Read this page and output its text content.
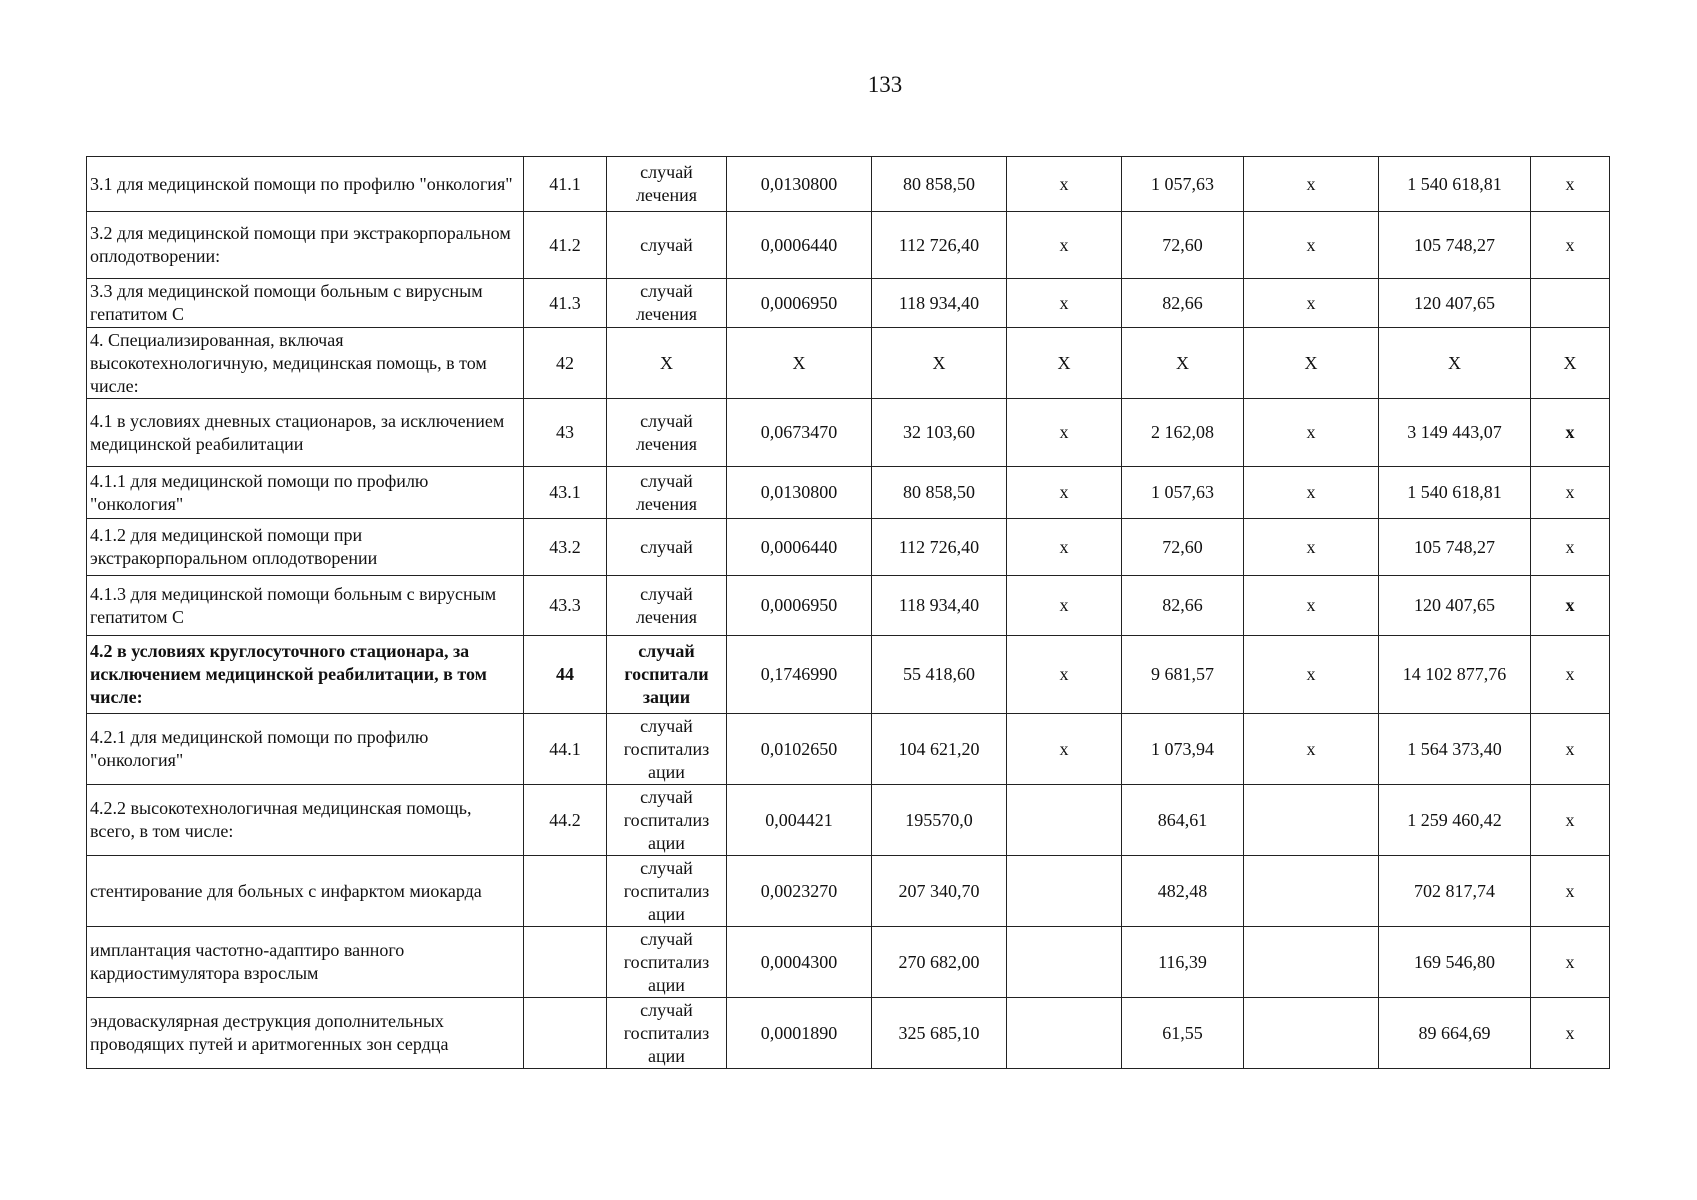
133
3.1 для медицинской помощи по профилю "онкология"	41.1	случай лечения	0,0130800	80 858,50	х	1 057,63	х	1 540 618,81	х
3.2 для медицинской помощи при экстракорпоральном оплодотворении:	41.2	случай	0,0006440	112 726,40	х	72,60	х	105 748,27	х
3.3 для медицинской помощи больным с вирусным гепатитом С	41.3	случай лечения	0,0006950	118 934,40	х	82,66	х	120 407,65	
4. Специализированная, включая высокотехнологичную, медицинская помощь, в том числе:	42	X	X	X	X	X	X	X	X
4.1 в условиях дневных стационаров, за исключением медицинской реабилитации	43	случай лечения	0,0673470	32 103,60	х	2 162,08	х	3 149 443,07	х
4.1.1 для медицинской помощи по профилю "онкология"	43.1	случай лечения	0,0130800	80 858,50	х	1 057,63	х	1 540 618,81	х
4.1.2 для медицинской помощи при экстракорпоральном оплодотворении	43.2	случай	0,0006440	112 726,40	х	72,60	х	105 748,27	х
4.1.3 для медицинской помощи больным с вирусным гепатитом С	43.3	случай лечения	0,0006950	118 934,40	х	82,66	х	120 407,65	х
4.2 в условиях круглосуточного стационара, за исключением медицинской реабилитации, в том числе:	44	случай госпитали зации	0,1746990	55 418,60	х	9 681,57	х	14 102 877,76	х
4.2.1 для медицинской помощи по профилю "онкология"	44.1	случай госпитализ ации	0,0102650	104 621,20	х	1 073,94	х	1 564 373,40	х
4.2.2 высокотехнологичная медицинская помощь, всего, в том числе:	44.2	случай госпитализ ации	0,004421	195570,0		864,61		1 259 460,42	х
стентирование для больных с инфарктом миокарда		случай госпитализ ации	0,0023270	207 340,70		482,48		702 817,74	х
имплантация частотно-адаптиро ванного кардиостимулятора взрослым		случай госпитализ ации	0,0004300	270 682,00		116,39		169 546,80	х
эндоваскулярная деструкция дополнительных проводящих путей и аритмогенных зон сердца		случай госпитализ ации	0,0001890	325 685,10		61,55		89 664,69	х
